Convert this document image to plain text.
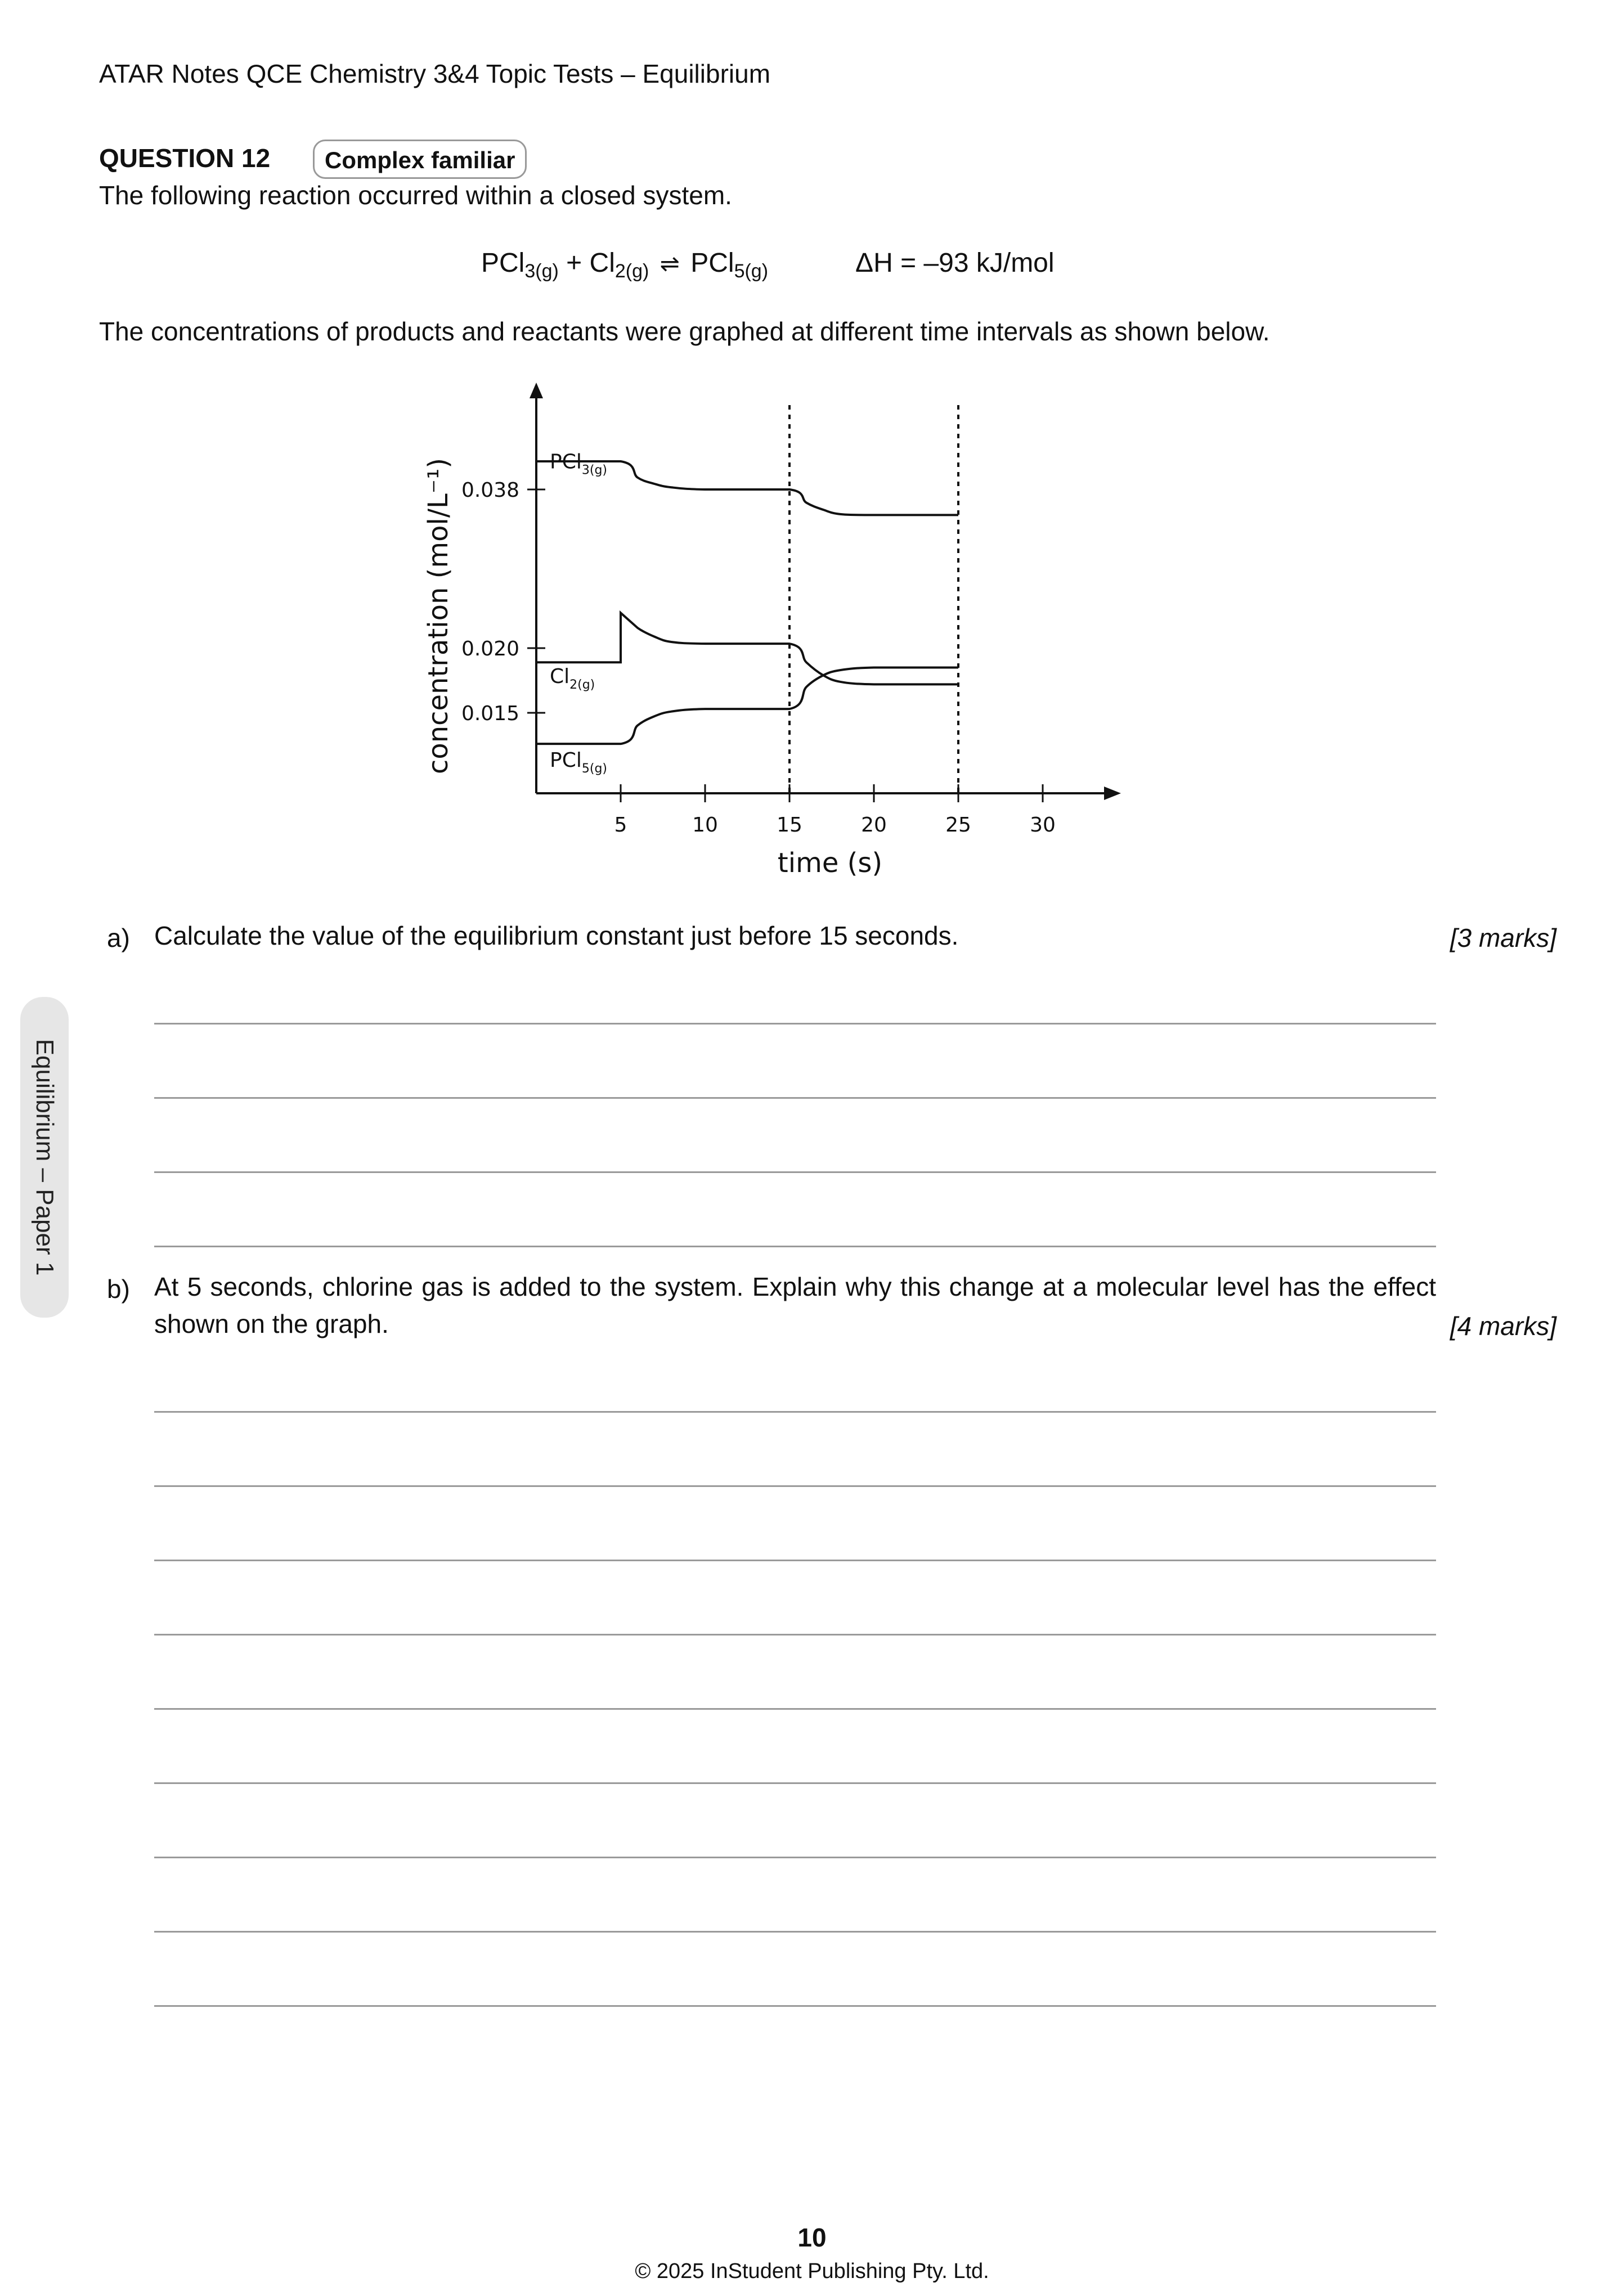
ATAR Notes QCE Chemistry 3&4 Topic Tests – Equilibrium
Equilibrium – Paper 1
QUESTION 12	Complex familiar
The following reaction occurred within a closed system.
$PCl_{3(g)} + Cl_{2(g)}$ ⇌ PCl$_{5(g)}$	ΔH = –93 kJ/mol
The concentrations of products and reactants were graphed at different time intervals as shown below.
time (s)
concentration (mol/L⁻¹)
5	10	15	20	25	30
0.038
0.020
0.015
PCl$_{3(g)}$
$Cl_{2(g)}$
PCl$_{5(g)}$
a) Calculate the value of the equilibrium constant just before 15 seconds.	[3 marks]
b) At 5 seconds, chlorine gas is added to the system. Explain why this change at a molecular level has the effect shown on the graph.	[4 marks]
10
© 2025 InStudent Publishing Pty. Ltd.
